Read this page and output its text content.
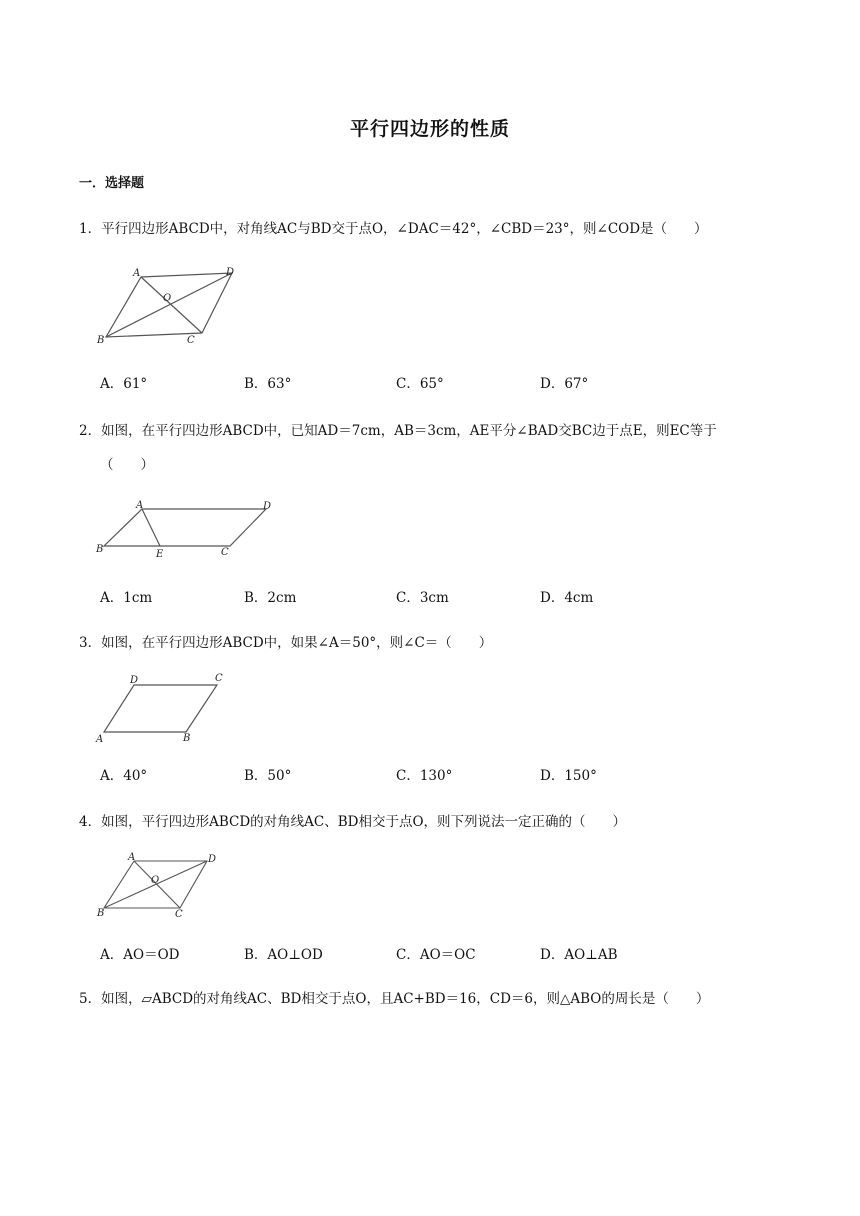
平行四边形的性质
一．选择题
1．平行四边形ABCD中，对角线AC与BD交于点O，∠DAC＝42°，∠CBD＝23°，则∠COD是（　　）
A	D
O
B	C
A．61°	B．63°	C．65°	D．67°
2．如图，在平行四边形ABCD中，已知AD＝7cm，AB＝3cm，AE平分∠BAD交BC边于点E，则EC等于
（　　）
A	D
B	E	C
A．1cm	B．2cm	C．3cm	D．4cm
3．如图，在平行四边形ABCD中，如果∠A＝50°，则∠C＝（　　）
D	C
A	B
A．40°	B．50°	C．130°	D．150°
4．如图，平行四边形ABCD的对角线AC、BD相交于点O，则下列说法一定正确的（　　）
A	D
O
B	C
A．AO＝OD	B．AO⊥OD	C．AO＝OC	D．AO⊥AB
5．如图，▱ABCD的对角线AC、BD相交于点O，且AC+BD＝16，CD＝6，则△ABO的周长是（　　）
